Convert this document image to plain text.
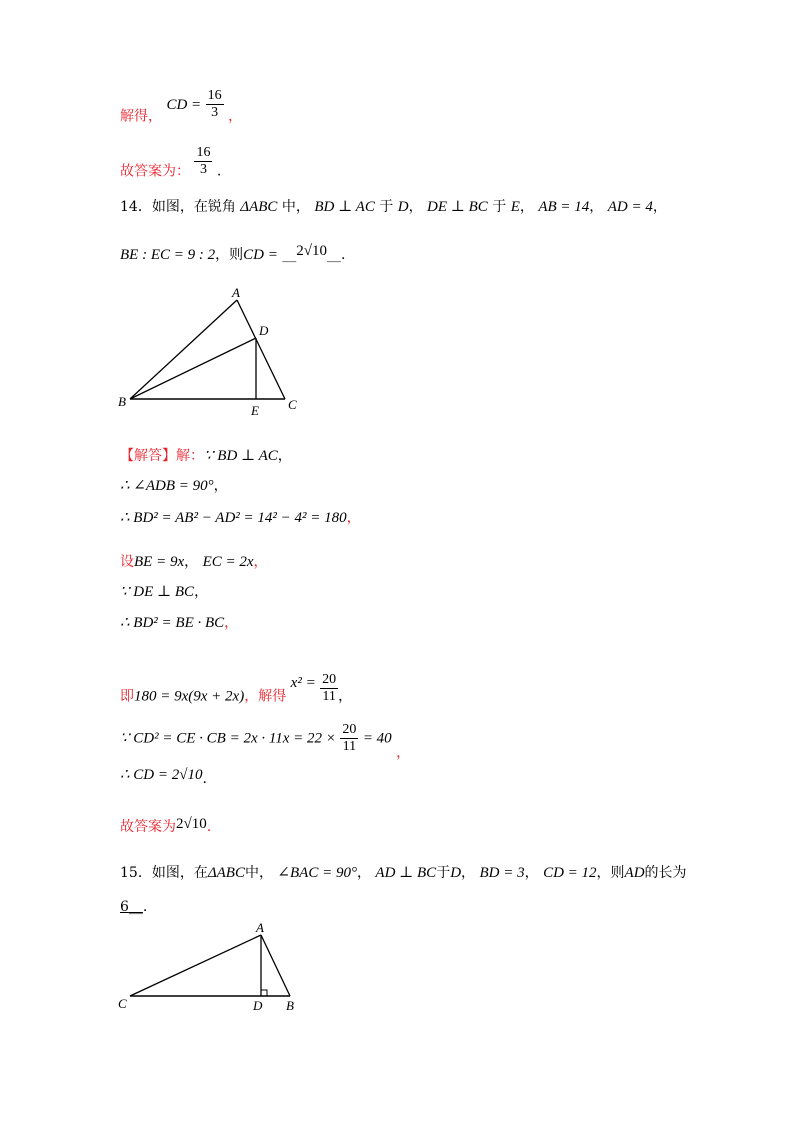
解得， CD = $\frac{16}{3}$ ，
故答案为： $\frac{16}{3}$ .
14．如图，在锐角 ΔABC 中， BD ⊥ AC 于 D， DE ⊥ BC 于 E， AB = 14， AD = 4，
BE : EC = 9 : 2，则CD = __2√10__.
A
D
B
E C
【解答】解：∵ BD ⊥ AC，
∴ ∠ADB = 90°，
∴ BD² = AB² − AD² = 14² − 4² = 180，
设BE = 9x， EC = 2x，
∵ DE ⊥ BC，
∴ BD² = BE · BC，
即180 = 9x(9x + 2x)，解得 $x^2 = \frac{20}{11}$ ，
∵ CD² = CE · CB = $2x \cdot 11x = 22 \times \frac{20}{11} = 40$ ，
∴ CD = 2√10.
故答案为2√10.
15．如图，在ΔABC中， ∠BAC = 90°， AD ⊥ BC于D， BD = 3， CD = 12，则AD的长为
6__.
A
C	D B
